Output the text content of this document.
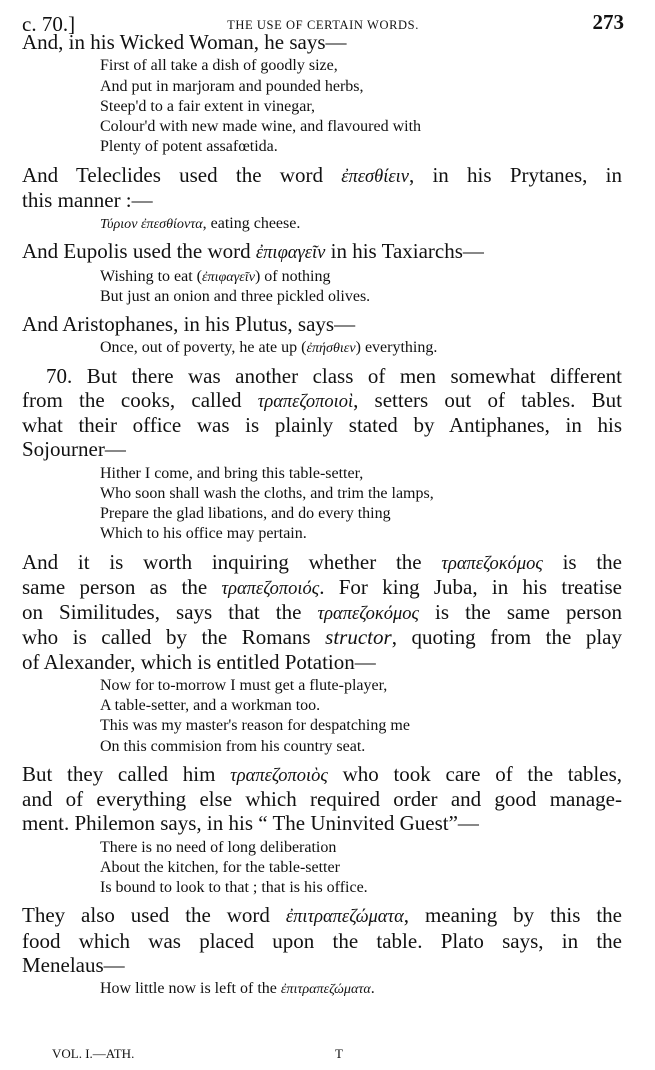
c. 70.]	THE USE OF CERTAIN WORDS.	273
And, in his Wicked Woman, he says—
First of all take a dish of goodly size,
And put in marjoram and pounded herbs,
Steep'd to a fair extent in vinegar,
Colour'd with new made wine, and flavoured with
Plenty of potent assafœtida.
And Teleclides used the word ἐπεσθίειν, in his Prytanes, in
this manner :—
Τύριον ἐπεσθίοντα, eating cheese.
And Eupolis used the word ἐπιφαγεῖν in his Taxiarchs—
Wishing to eat (ἐπιφαγεῖν) of nothing
But just an onion and three pickled olives.
And Aristophanes, in his Plutus, says—
Once, out of poverty, he ate up (ἐπήσθιεν) everything.
70. But there was another class of men somewhat different
from the cooks, called τραπεζοποιοὶ, setters out of tables. But
what their office was is plainly stated by Antiphanes, in his
Sojourner—
Hither I come, and bring this table-setter,
Who soon shall wash the cloths, and trim the lamps,
Prepare the glad libations, and do every thing
Which to his office may pertain.
And it is worth inquiring whether the τραπεζοκόμος is the
same person as the τραπεζοποιός. For king Juba, in his treatise
on Similitudes, says that the τραπεζοκόμος is the same person
who is called by the Romans structor, quoting from the play
of Alexander, which is entitled Potation—
Now for to-morrow I must get a flute-player,
A table-setter, and a workman too.
This was my master's reason for despatching me
On this commision from his country seat.
But they called him τραπεζοποιὸς who took care of the tables,
and of everything else which required order and good manage-
ment. Philemon says, in his “ The Uninvited Guest”—
There is no need of long deliberation
About the kitchen, for the table-setter
Is bound to look to that ; that is his office.
They also used the word ἐπιτραπεζώματα, meaning by this the
food which was placed upon the table. Plato says, in the
Menelaus—
How little now is left of the ἐπιτραπεζώματα.
VOL. I.—ATH.	T
